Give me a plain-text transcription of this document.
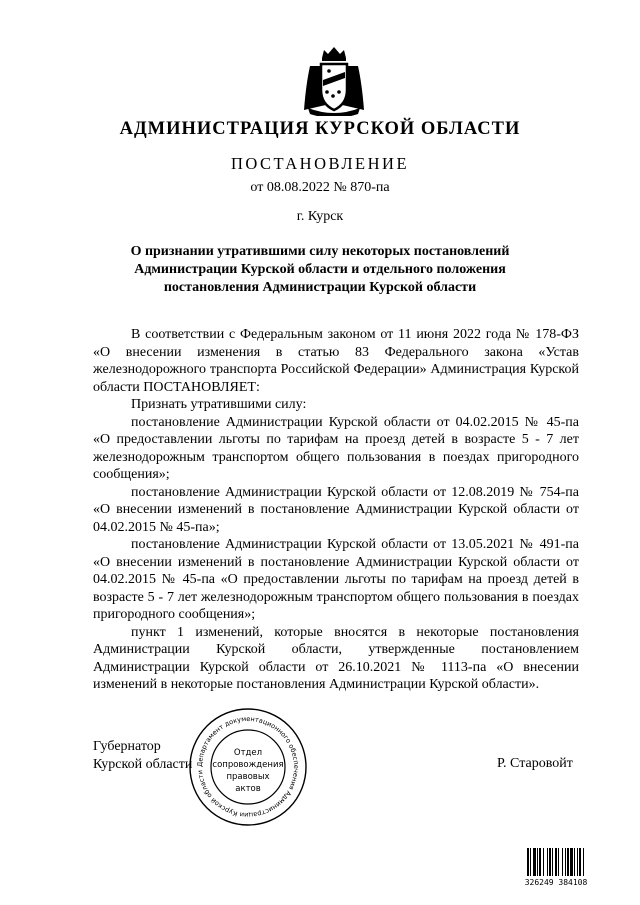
АДМИНИСТРАЦИЯ КУРСКОЙ ОБЛАСТИ
ПОСТАНОВЛЕНИЕ
от 08.08.2022 № 870-па
г. Курск
О признании утратившими силу некоторых постановлений
Администрации Курской области и отдельного положения
постановления Администрации Курской области

В соответствии с Федеральным законом от 11 июня 2022 года № 178-ФЗ «О внесении изменения в статью 83 Федерального закона «Устав железнодорожного транспорта Российской Федерации» Администрация Курской области ПОСТАНОВЛЯЕТ:

Признать утратившими силу:

постановление Администрации Курской области от 04.02.2015 № 45-па «О предоставлении льготы по тарифам на проезд детей в возрасте 5 - 7 лет железнодорожным транспортом общего пользования в поездах пригородного сообщения»;

постановление Администрации Курской области от 12.08.2019 № 754-па «О внесении изменений в постановление Администрации Курской области от 04.02.2015 № 45-па»;

постановление Администрации Курской области от 13.05.2021 № 491-па «О внесении изменений в постановление Администрации Курской области от 04.02.2015 № 45-па «О предоставлении льготы по тарифам на проезд детей в возрасте 5 - 7 лет железнодорожным транспортом общего пользования в поездах пригородного сообщения»;

пункт 1 изменений, которые вносятся в некоторые постановления Администрации Курской области, утвержденные постановлением Администрации Курской области от 26.10.2021 № 1113-па «О внесении изменений в некоторые постановления Администрации Курской области».

Губернатор
Курской области	Р. Старовойт
Департамент документационного обеспечения Администрации Курской области
Отдел
сопровождения
правовых
актов
326249 384108
